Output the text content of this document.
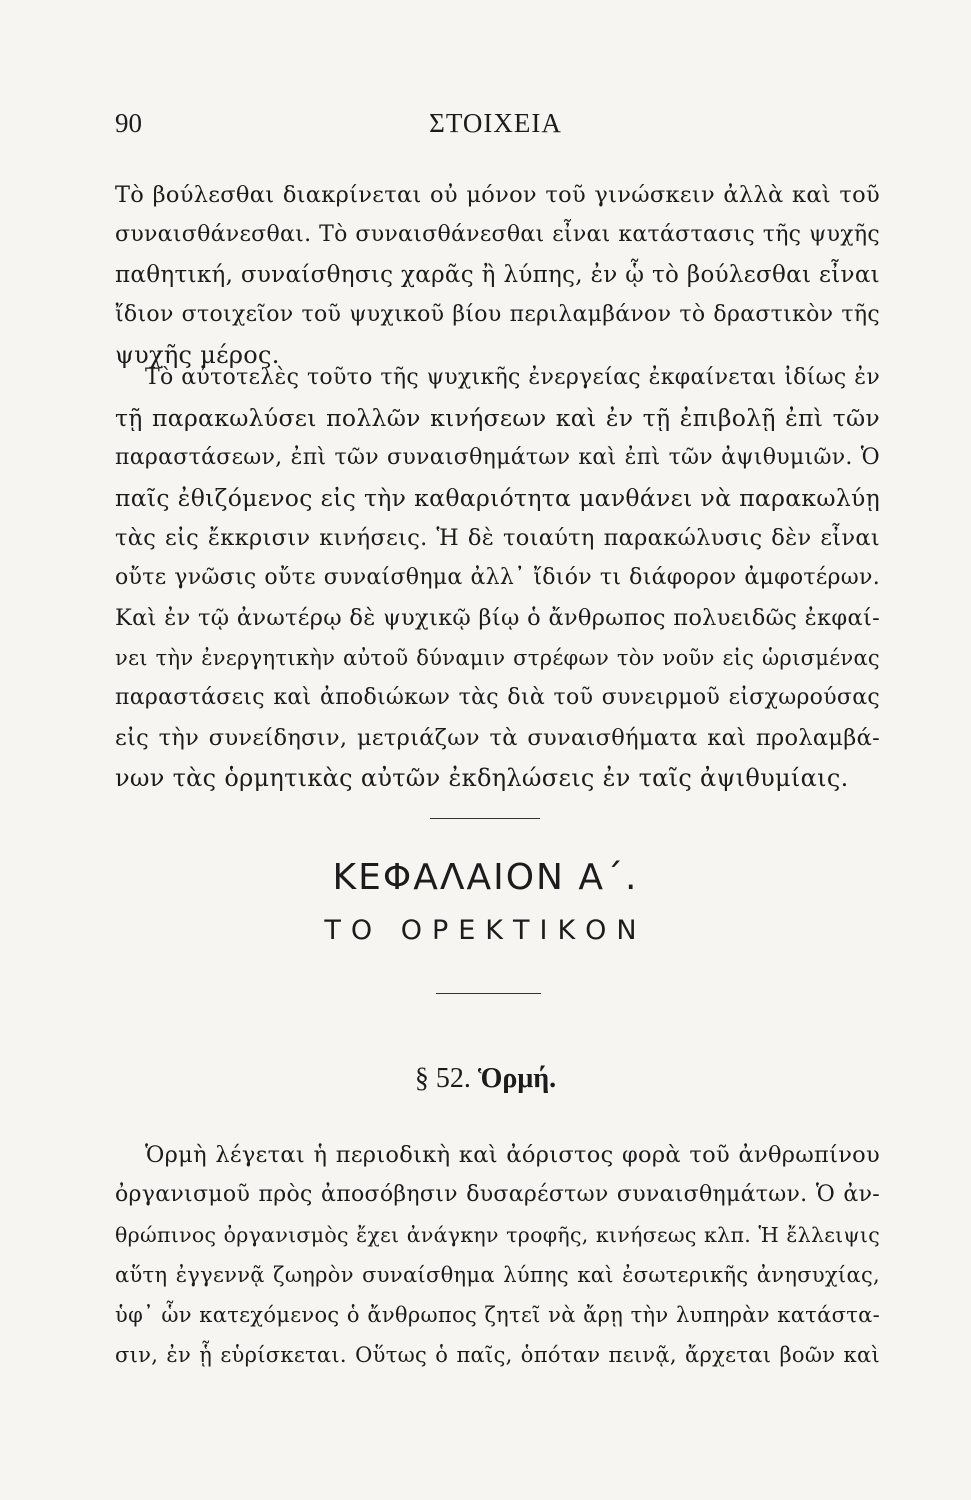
90	ΣΤΟΙΧΕΙΑ
Τὸ βούλεσθαι διακρίνεται οὐ μόνον τοῦ γινώσκειν ἀλλὰ καὶ τοῦ
συναισθάνεσθαι. Τὸ συναισθάνεσθαι εἶναι κατάστασις τῆς ψυχῆς
παθητική, συναίσθησις χαρᾶς ἢ λύπης, ἐν ᾧ τὸ βούλεσθαι εἶναι
ἴδιον στοιχεῖον τοῦ ψυχικοῦ βίου περιλαμβάνον τὸ δραστικὸν τῆς
ψυχῆς μέρος.
Τὸ αὐτοτελὲς τοῦτο τῆς ψυχικῆς ἐνεργείας ἐκφαίνεται ἰδίως ἐν
τῇ παρακωλύσει πολλῶν κινήσεων καὶ ἐν τῇ ἐπιβολῇ ἐπὶ τῶν
παραστάσεων, ἐπὶ τῶν συναισθημάτων καὶ ἐπὶ τῶν ἀψιθυμιῶν. Ὁ
παῖς ἐθιζόμενος εἰς τὴν καθαριότητα μανθάνει νὰ παρακωλύῃ
τὰς εἰς ἔκκρισιν κινήσεις. Ἡ δὲ τοιαύτη παρακώλυσις δὲν εἶναι
οὔτε γνῶσις οὔτε συναίσθημα ἀλλ᾽ ἴδιόν τι διάφορον ἀμφοτέρων.
Καὶ ἐν τῷ ἀνωτέρῳ δὲ ψυχικῷ βίῳ ὁ ἄνθρωπος πολυειδῶς ἐκφαί-
νει τὴν ἐνεργητικὴν αὐτοῦ δύναμιν στρέφων τὸν νοῦν εἰς ὡρισμένας
παραστάσεις καὶ ἀποδιώκων τὰς διὰ τοῦ συνειρμοῦ εἰσχωρούσας
εἰς τὴν συνείδησιν, μετριάζων τὰ συναισθήματα καὶ προλαμβά-
νων τὰς ὁρμητικὰς αὐτῶν ἐκδηλώσεις ἐν ταῖς ἀψιθυμίαις.
ΚΕΦΑΛΑΙΟΝ Α΄.
ΤΟ ΟΡΕΚΤΙΚΟΝ
§ 52. Ὁρμή.
Ὁρμὴ λέγεται ἡ περιοδικὴ καὶ ἀόριστος φορὰ τοῦ ἀνθρωπίνου
ὀργανισμοῦ πρὸς ἀποσόβησιν δυσαρέστων συναισθημάτων. Ὁ ἀν-
θρώπινος ὀργανισμὸς ἔχει ἀνάγκην τροφῆς, κινήσεως κλπ. Ἡ ἔλλειψις
αὕτη ἐγγεννᾷ ζωηρὸν συναίσθημα λύπης καὶ ἐσωτερικῆς ἀνησυχίας,
ὑφ᾽ ὧν κατεχόμενος ὁ ἄνθρωπος ζητεῖ νὰ ἄρῃ τὴν λυπηρὰν κατάστα-
σιν, ἐν ᾗ εὑρίσκεται. Οὕτως ὁ παῖς, ὁπόταν πεινᾷ, ἄρχεται βοῶν καὶ
